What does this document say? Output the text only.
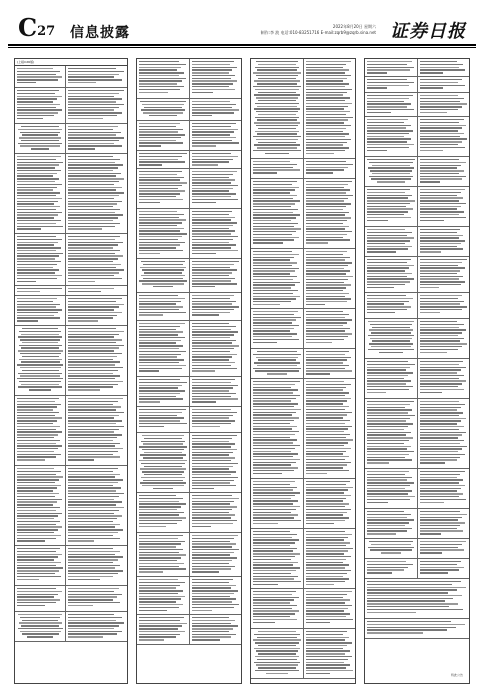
C27 信息披露	2022年8月20日 星期六
制作:李 波 电话:010-83251716 E-mail:zqrb9@zqrb.sina.net 证券日报
(上接C26版)
特此公告
